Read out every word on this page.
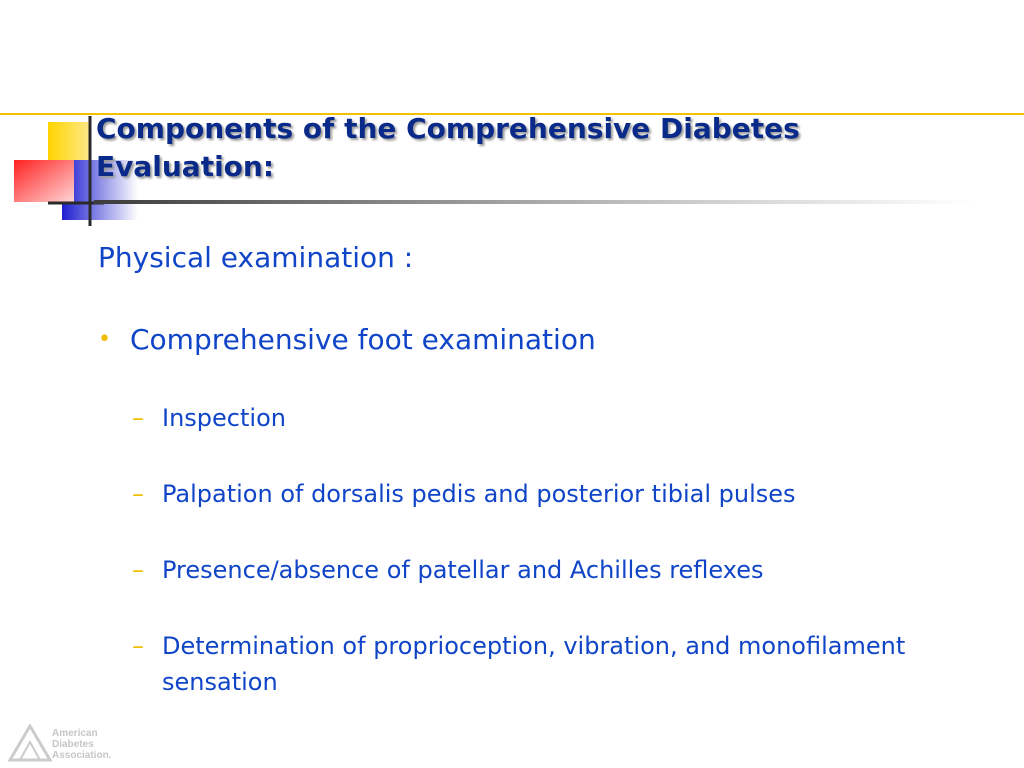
Components of the Comprehensive Diabetes
Evaluation:
Physical examination :
• Comprehensive foot examination
– Inspection
– Palpation of dorsalis pedis and posterior tibial pulses
– Presence/absence of patellar and Achilles reflexes
– Determination of proprioception, vibration, and monofilament sensation
American
Diabetes
Association.
